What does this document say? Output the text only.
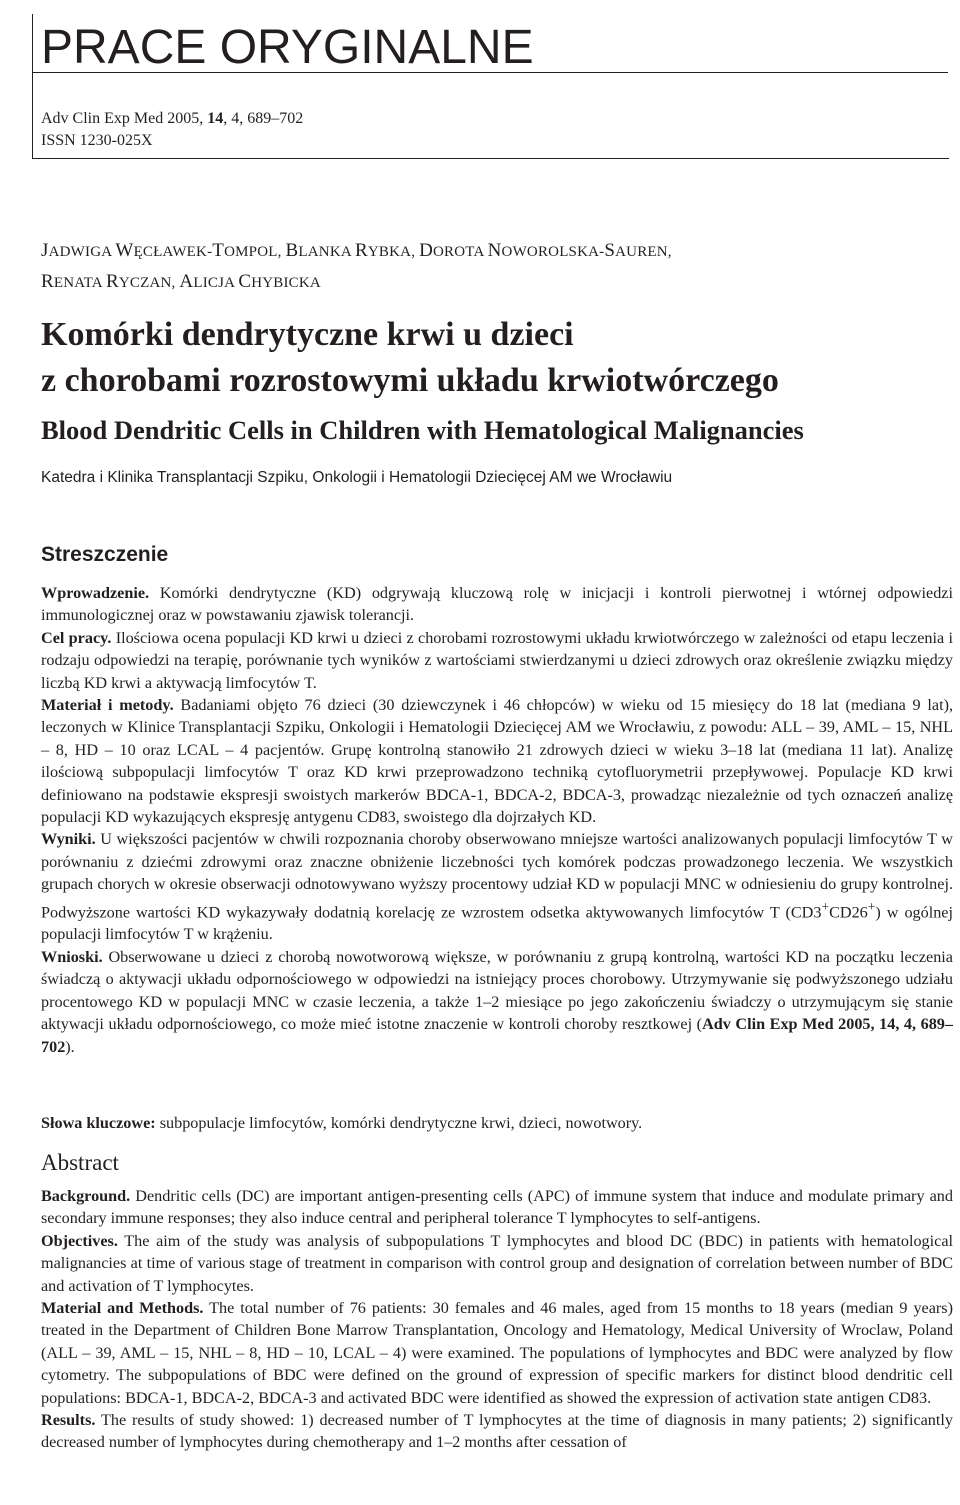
PRACE ORYGINALNE
Adv Clin Exp Med 2005, 14, 4, 689–702
ISSN 1230-025X
JADWIGA WĘCŁAWEK-TOMPOL, BLANKA RYBKA, DOROTA NOWOROLSKA-SAUREN,
RENATA RYCZAN, ALICJA CHYBICKA
Komórki dendrytyczne krwi u dzieci
z chorobami rozrostowymi układu krwiotwórczego
Blood Dendritic Cells in Children with Hematological Malignancies
Katedra i Klinika Transplantacji Szpiku, Onkologii i Hematologii Dziecięcej AM we Wrocławiu
Streszczenie

Wprowadzenie. Komórki dendrytyczne (KD) odgrywają kluczową rolę w inicjacji i kontroli pierwotnej i wtórnej odpowiedzi immunologicznej oraz w powstawaniu zjawisk tolerancji.

Cel pracy. Ilościowa ocena populacji KD krwi u dzieci z chorobami rozrostowymi układu krwiotwórczego w zależności od etapu leczenia i rodzaju odpowiedzi na terapię, porównanie tych wyników z wartościami stwierdzanymi u dzieci zdrowych oraz określenie związku między liczbą KD krwi a aktywacją limfocytów T.

Materiał i metody. Badaniami objęto 76 dzieci (30 dziewczynek i 46 chłopców) w wieku od 15 miesięcy do 18 lat (mediana 9 lat), leczonych w Klinice Transplantacji Szpiku, Onkologii i Hematologii Dziecięcej AM we Wrocławiu, z powodu: ALL – 39, AML – 15, NHL – 8, HD – 10 oraz LCAL – 4 pacjentów. Grupę kontrolną stanowiło 21 zdrowych dzieci w wieku 3–18 lat (mediana 11 lat). Analizę ilościową subpopulacji limfocytów T oraz KD krwi przeprowadzono techniką cytofluorymetrii przepływowej. Populacje KD krwi definiowano na podstawie ekspresji swoistych markerów BDCA-1, BDCA-2, BDCA-3, prowadząc niezależnie od tych oznaczeń analizę populacji KD wykazujących ekspresję antygenu CD83, swoistego dla dojrzałych KD.

Wyniki. U większości pacjentów w chwili rozpoznania choroby obserwowano mniejsze wartości analizowanych populacji limfocytów T w porównaniu z dziećmi zdrowymi oraz znaczne obniżenie liczebności tych komórek podczas prowadzonego leczenia. We wszystkich grupach chorych w okresie obserwacji odnotowywano wyższy procentowy udział KD w populacji MNC w odniesieniu do grupy kontrolnej. Podwyższone wartości KD wykazywały dodatnią korelację ze wzrostem odsetka aktywowanych limfocytów T (CD3+CD26+) w ogólnej populacji limfocytów T w krążeniu.

Wnioski. Obserwowane u dzieci z chorobą nowotworową większe, w porównaniu z grupą kontrolną, wartości KD na początku leczenia świadczą o aktywacji układu odpornościowego w odpowiedzi na istniejący proces chorobowy. Utrzymywanie się podwyższonego udziału procentowego KD w populacji MNC w czasie leczenia, a także 1–2 miesiące po jego zakończeniu świadczy o utrzymującym się stanie aktywacji układu odpornościowego, co może mieć istotne znaczenie w kontroli choroby resztkowej (Adv Clin Exp Med 2005, 14, 4, 689–702).

Słowa kluczowe: subpopulacje limfocytów, komórki dendrytyczne krwi, dzieci, nowotwory.
Abstract

Background. Dendritic cells (DC) are important antigen-presenting cells (APC) of immune system that induce and modulate primary and secondary immune responses; they also induce central and peripheral tolerance T lymphocytes to self-antigens.

Objectives. The aim of the study was analysis of subpopulations T lymphocytes and blood DC (BDC) in patients with hematological malignancies at time of various stage of treatment in comparison with control group and designation of correlation between number of BDC and activation of T lymphocytes.

Material and Methods. The total number of 76 patients: 30 females and 46 males, aged from 15 months to 18 years (median 9 years) treated in the Department of Children Bone Marrow Transplantation, Oncology and Hematology, Medical University of Wroclaw, Poland (ALL – 39, AML – 15, NHL – 8, HD – 10, LCAL – 4) were examined. The populations of lymphocytes and BDC were analyzed by flow cytometry. The subpopulations of BDC were defined on the ground of expression of specific markers for distinct blood dendritic cell populations: BDCA-1, BDCA-2, BDCA-3 and activated BDC were identified as showed the expression of activation state antigen CD83.

Results. The results of study showed: 1) decreased number of T lymphocytes at the time of diagnosis in many patients; 2) significantly decreased number of lymphocytes during chemotherapy and 1–2 months after cessation of
